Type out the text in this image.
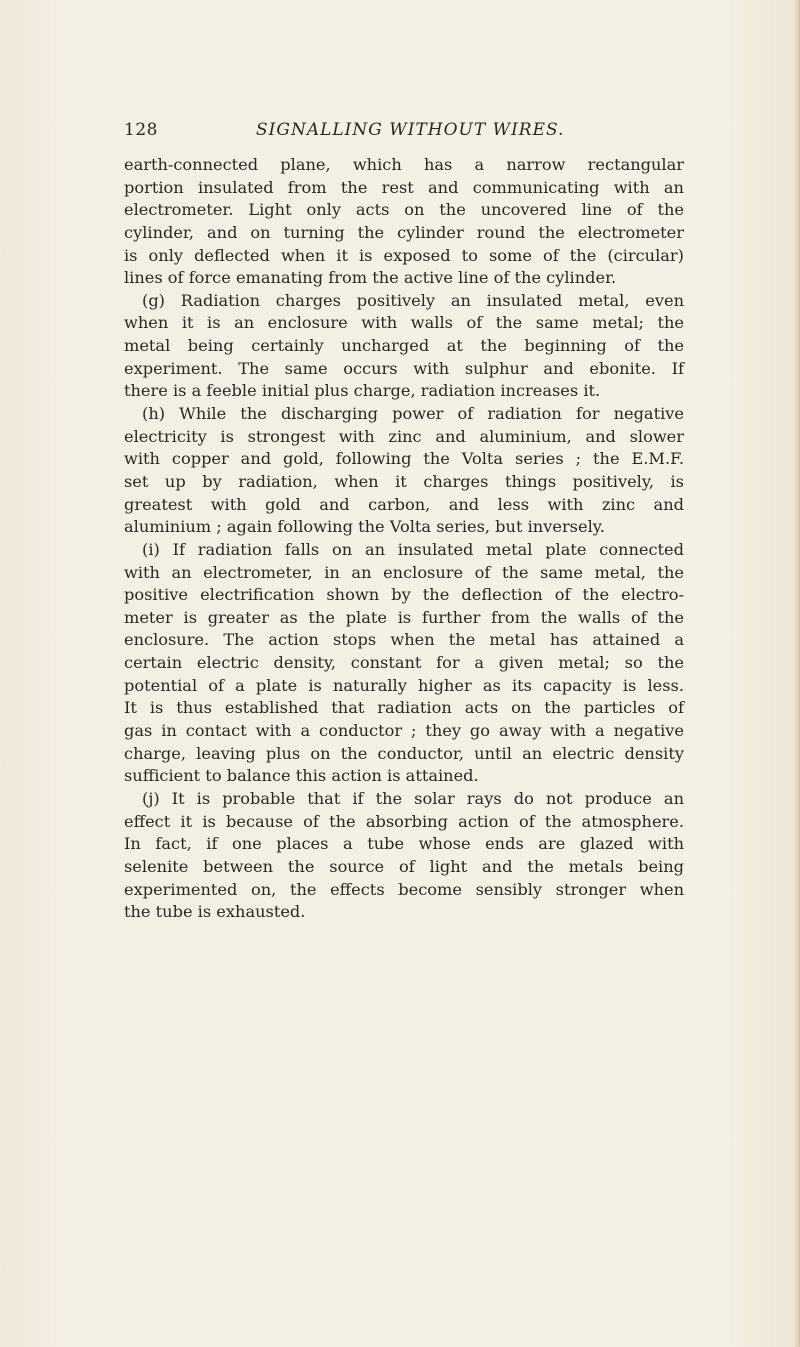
128	SIGNALLING WITHOUT WIRES.
earth-connected plane, which has a narrow rectangular
portion insulated from the rest and communicating with an
electrometer. Light only acts on the uncovered line of the
cylinder, and on turning the cylinder round the electrometer
is only deflected when it is exposed to some of the (circular)
lines of force emanating from the active line of the cylinder.
(g) Radiation charges positively an insulated metal, even
when it is an enclosure with walls of the same metal; the
metal being certainly uncharged at the beginning of the
experiment. The same occurs with sulphur and ebonite. If
there is a feeble initial plus charge, radiation increases it.
(h) While the discharging power of radiation for negative
electricity is strongest with zinc and aluminium, and slower
with copper and gold, following the Volta series ; the E.M.F.
set up by radiation, when it charges things positively, is
greatest with gold and carbon, and less with zinc and
aluminium ; again following the Volta series, but inversely.
(i) If radiation falls on an insulated metal plate connected
with an electrometer, in an enclosure of the same metal, the
positive electrification shown by the deflection of the electro-
meter is greater as the plate is further from the walls of the
enclosure. The action stops when the metal has attained a
certain electric density, constant for a given metal; so the
potential of a plate is naturally higher as its capacity is less.
It is thus established that radiation acts on the particles of
gas in contact with a conductor ; they go away with a negative
charge, leaving plus on the conductor, until an electric density
sufficient to balance this action is attained.
(j) It is probable that if the solar rays do not produce an
effect it is because of the absorbing action of the atmosphere.
In fact, if one places a tube whose ends are glazed with
selenite between the source of light and the metals being
experimented on, the effects become sensibly stronger when
the tube is exhausted.
